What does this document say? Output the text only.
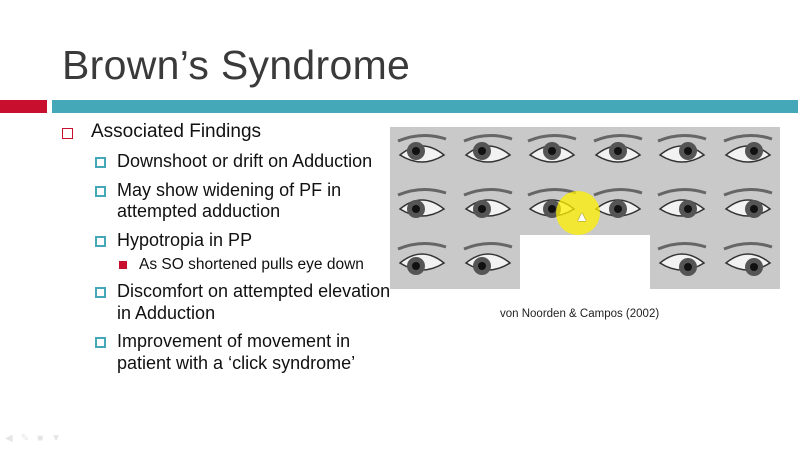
Brown’s Syndrome
Associated Findings
Downshoot or drift on Adduction
May show widening of PF in attempted adduction
Hypotropia in PP
As SO shortened pulls eye down
Discomfort on attempted elevation in Adduction
Improvement of movement in patient with a ‘click syndrome’
von Noorden & Campos (2002)
▲
◀ ✎ ■ ▼
